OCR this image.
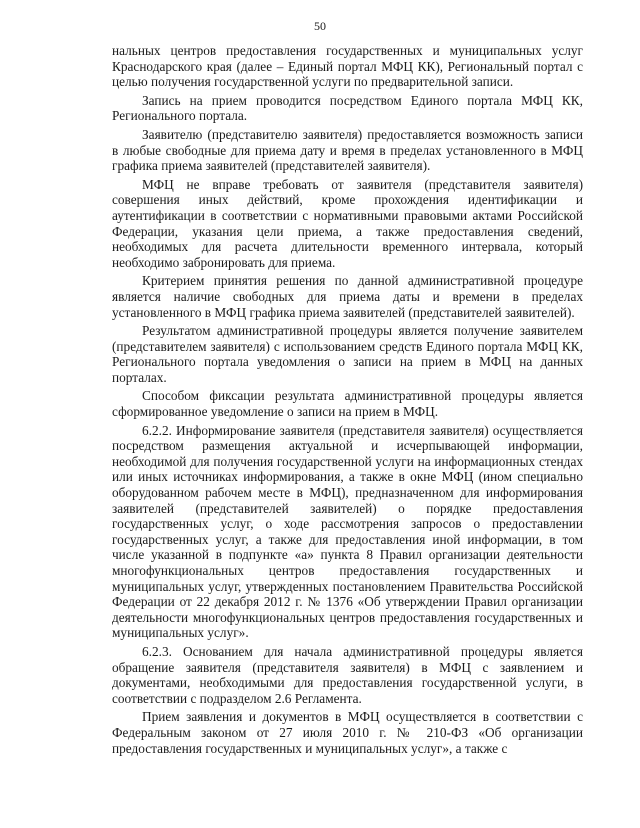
50

нальных центров предоставления государственных и муниципальных услуг Краснодарского края (далее – Единый портал МФЦ КК), Региональный портал с целью получения государственной услуги по предварительной записи.

Запись на прием проводится посредством Единого портала МФЦ КК, Регионального портала.

Заявителю (представителю заявителя) предоставляется возможность записи в любые свободные для приема дату и время в пределах установленного в МФЦ графика приема заявителей (представителей заявителя).

МФЦ не вправе требовать от заявителя (представителя заявителя) совершения иных действий, кроме прохождения идентификации и аутентификации в соответствии с нормативными правовыми актами Российской Федерации, указания цели приема, а также предоставления сведений, необходимых для расчета длительности временного интервала, который необходимо забронировать для приема.

Критерием принятия решения по данной административной процедуре является наличие свободных для приема даты и времени в пределах установленного в МФЦ графика приема заявителей (представителей заявителей).

Результатом административной процедуры является получение заявителем (представителем заявителя) с использованием средств Единого портала МФЦ КК, Регионального портала уведомления о записи на прием в МФЦ на данных порталах.

Способом фиксации результата административной процедуры является сформированное уведомление о записи на прием в МФЦ.

6.2.2. Информирование заявителя (представителя заявителя) осуществляется посредством размещения актуальной и исчерпывающей информации, необходимой для получения государственной услуги на информационных стендах или иных источниках информирования, а также в окне МФЦ (ином специально оборудованном рабочем месте в МФЦ), предназначенном для информирования заявителей (представителей заявителей) о порядке предоставления государственных услуг, о ходе рассмотрения запросов о предоставлении государственных услуг, а также для предоставления иной информации, в том числе указанной в подпункте «а» пункта 8 Правил организации деятельности многофункциональных центров предоставления государственных и муниципальных услуг, утвержденных постановлением Правительства Российской Федерации от 22 декабря 2012 г. № 1376 «Об утверждении Правил организации деятельности многофункциональных центров предоставления государственных и муниципальных услуг».

6.2.3. Основанием для начала административной процедуры является обращение заявителя (представителя заявителя) в МФЦ с заявлением и документами, необходимыми для предоставления государственной услуги, в соответствии с подразделом 2.6 Регламента.

Прием заявления и документов в МФЦ осуществляется в соответствии с Федеральным законом от 27 июля 2010 г. № 210-ФЗ «Об организации предоставления государственных и муниципальных услуг», а также с
